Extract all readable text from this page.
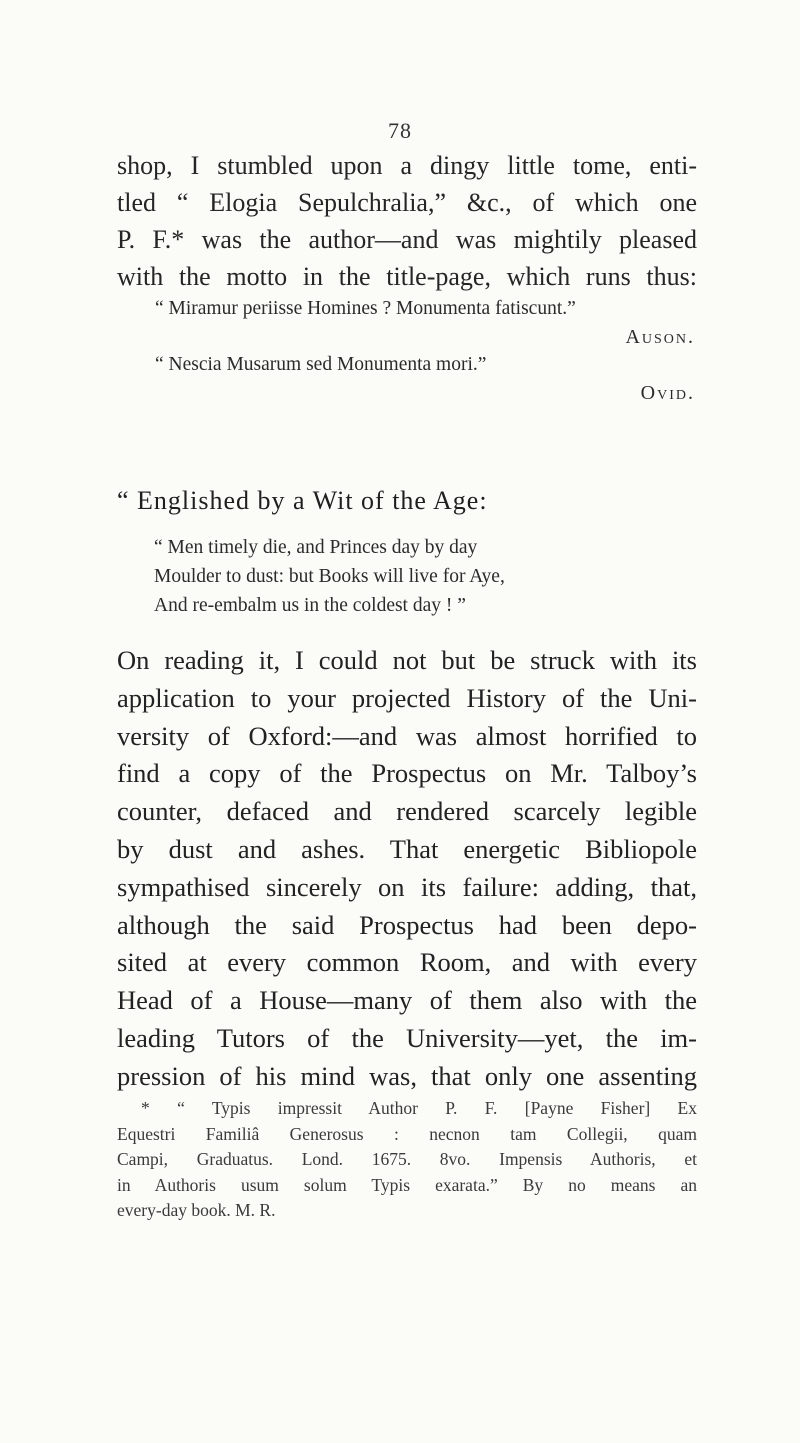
78
shop, I stumbled upon a dingy little tome, enti-
tled “ Elogia Sepulchralia,” &c., of which one
P. F.* was the author—and was mightily pleased
with the motto in the title-page, which runs thus:
“ Miramur periisse Homines ? Monumenta fatiscunt.”
Auson.
“ Nescia Musarum sed Monumenta mori.”
Ovid.
“ Englished by a Wit of the Age:
“ Men timely die, and Princes day by day
Moulder to dust: but Books will live for Aye,
And re-embalm us in the coldest day ! ”
On reading it, I could not but be struck with its
application to your projected History of the Uni-
versity of Oxford:—and was almost horrified to
find a copy of the Prospectus on Mr. Talboy’s
counter, defaced and rendered scarcely legible
by dust and ashes. That energetic Bibliopole
sympathised sincerely on its failure: adding, that,
although the said Prospectus had been depo-
sited at every common Room, and with every
Head of a House—many of them also with the
leading Tutors of the University—yet, the im-
pression of his mind was, that only one assenting
* “ Typis impressit Author P. F. [Payne Fisher] Ex
Equestri Familiâ Generosus : necnon tam Collegii, quam
Campi, Graduatus. Lond. 1675. 8vo. Impensis Authoris, et
in Authoris usum solum Typis exarata.” By no means an
every-day book. M. R.
